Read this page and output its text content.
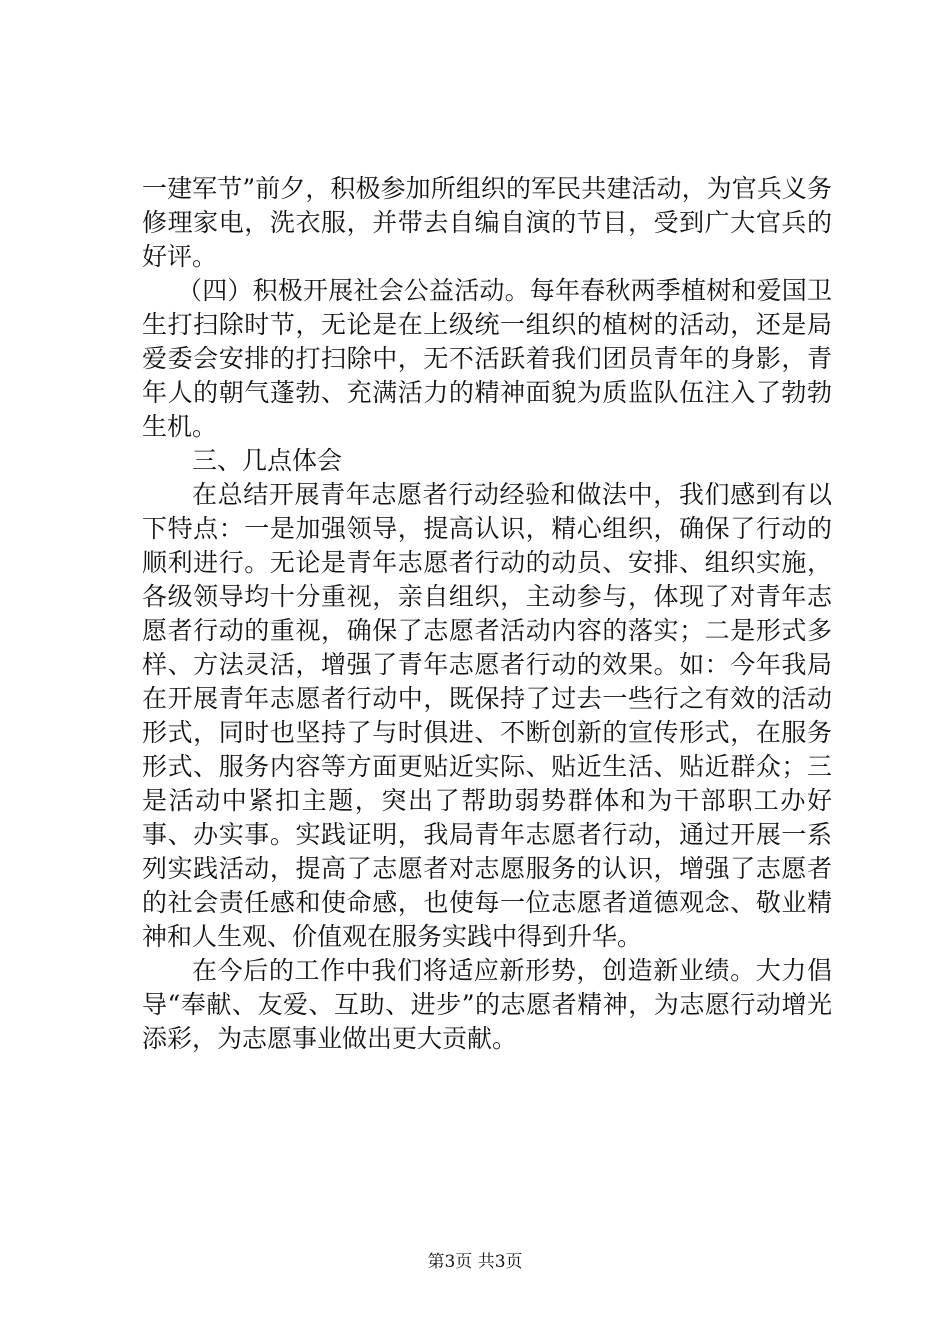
一建军节”前夕，积极参加所组织的军民共建活动，为官兵义务修理家电，洗衣服，并带去自编自演的节目，受到广大官兵的好评。

（四）积极开展社会公益活动。每年春秋两季植树和爱国卫生打扫除时节，无论是在上级统一组织的植树的活动，还是局爱委会安排的打扫除中，无不活跃着我们团员青年的身影，青年人的朝气蓬勃、充满活力的精神面貌为质监队伍注入了勃勃生机。

三、几点体会

在总结开展青年志愿者行动经验和做法中，我们感到有以下特点：一是加强领导，提高认识，精心组织，确保了行动的顺利进行。无论是青年志愿者行动的动员、安排、组织实施，各级领导均十分重视，亲自组织，主动参与，体现了对青年志愿者行动的重视，确保了志愿者活动内容的落实；二是形式多样、方法灵活，增强了青年志愿者行动的效果。如：今年我局在开展青年志愿者行动中，既保持了过去一些行之有效的活动形式，同时也坚持了与时俱进、不断创新的宣传形式，在服务形式、服务内容等方面更贴近实际、贴近生活、贴近群众；三是活动中紧扣主题，突出了帮助弱势群体和为干部职工办好事、办实事。实践证明，我局青年志愿者行动，通过开展一系列实践活动，提高了志愿者对志愿服务的认识，增强了志愿者的社会责任感和使命感，也使每一位志愿者道德观念、敬业精神和人生观、价值观在服务实践中得到升华。

在今后的工作中我们将适应新形势，创造新业绩。大力倡导“奉献、友爱、互助、进步”的志愿者精神，为志愿行动增光添彩，为志愿事业做出更大贡献。

第3页 共3页
